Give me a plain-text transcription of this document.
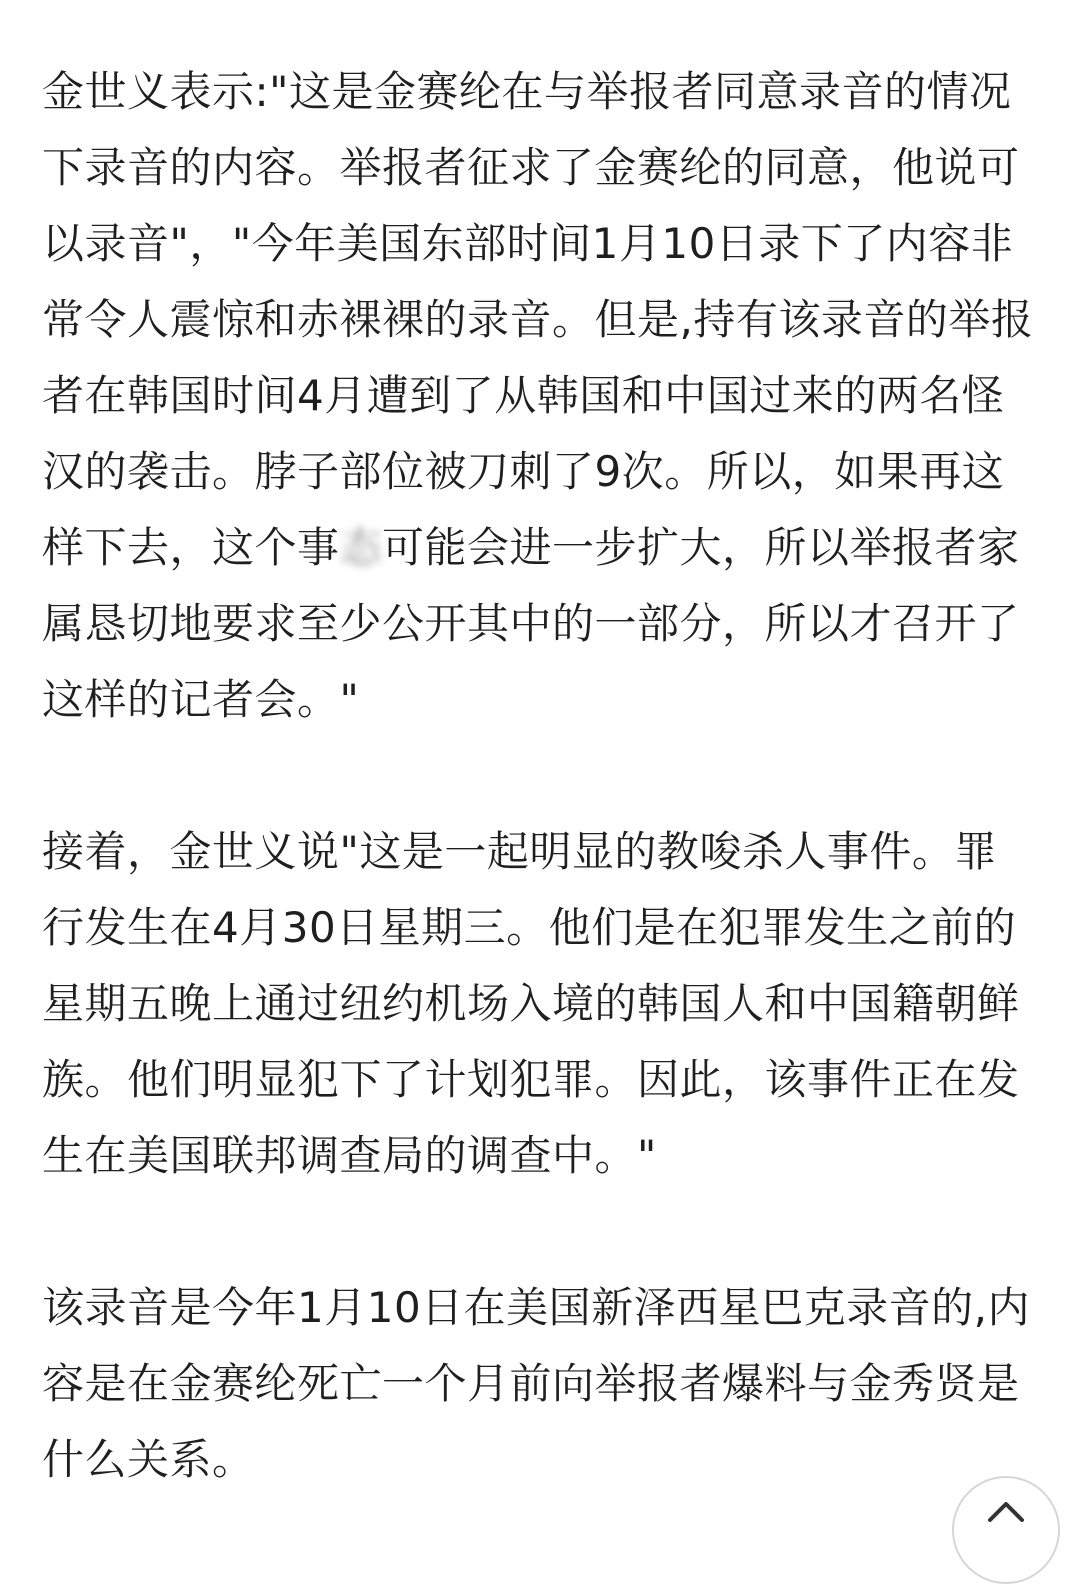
金世义表示:"这是金赛纶在与举报者同意录音的情况下录音的内容。举报者征求了金赛纶的同意，他说可以录音"，"今年美国东部时间1月10日录下了内容非常令人震惊和赤裸裸的录音。但是,持有该录音的举报者在韩国时间4月遭到了从韩国和中国过来的两名怪汉的袭击。脖子部位被刀刺了9次。所以，如果再这样下去，这个事态可能会进一步扩大，所以举报者家属恳切地要求至少公开其中的一部分，所以才召开了这样的记者会。"

接着，金世义说"这是一起明显的教唆杀人事件。罪行发生在4月30日星期三。他们是在犯罪发生之前的星期五晚上通过纽约机场入境的韩国人和中国籍朝鲜族。他们明显犯下了计划犯罪。因此，该事件正在发生在美国联邦调查局的调查中。"

该录音是今年1月10日在美国新泽西星巴克录音的,内容是在金赛纶死亡一个月前向举报者爆料与金秀贤是什么关系。
